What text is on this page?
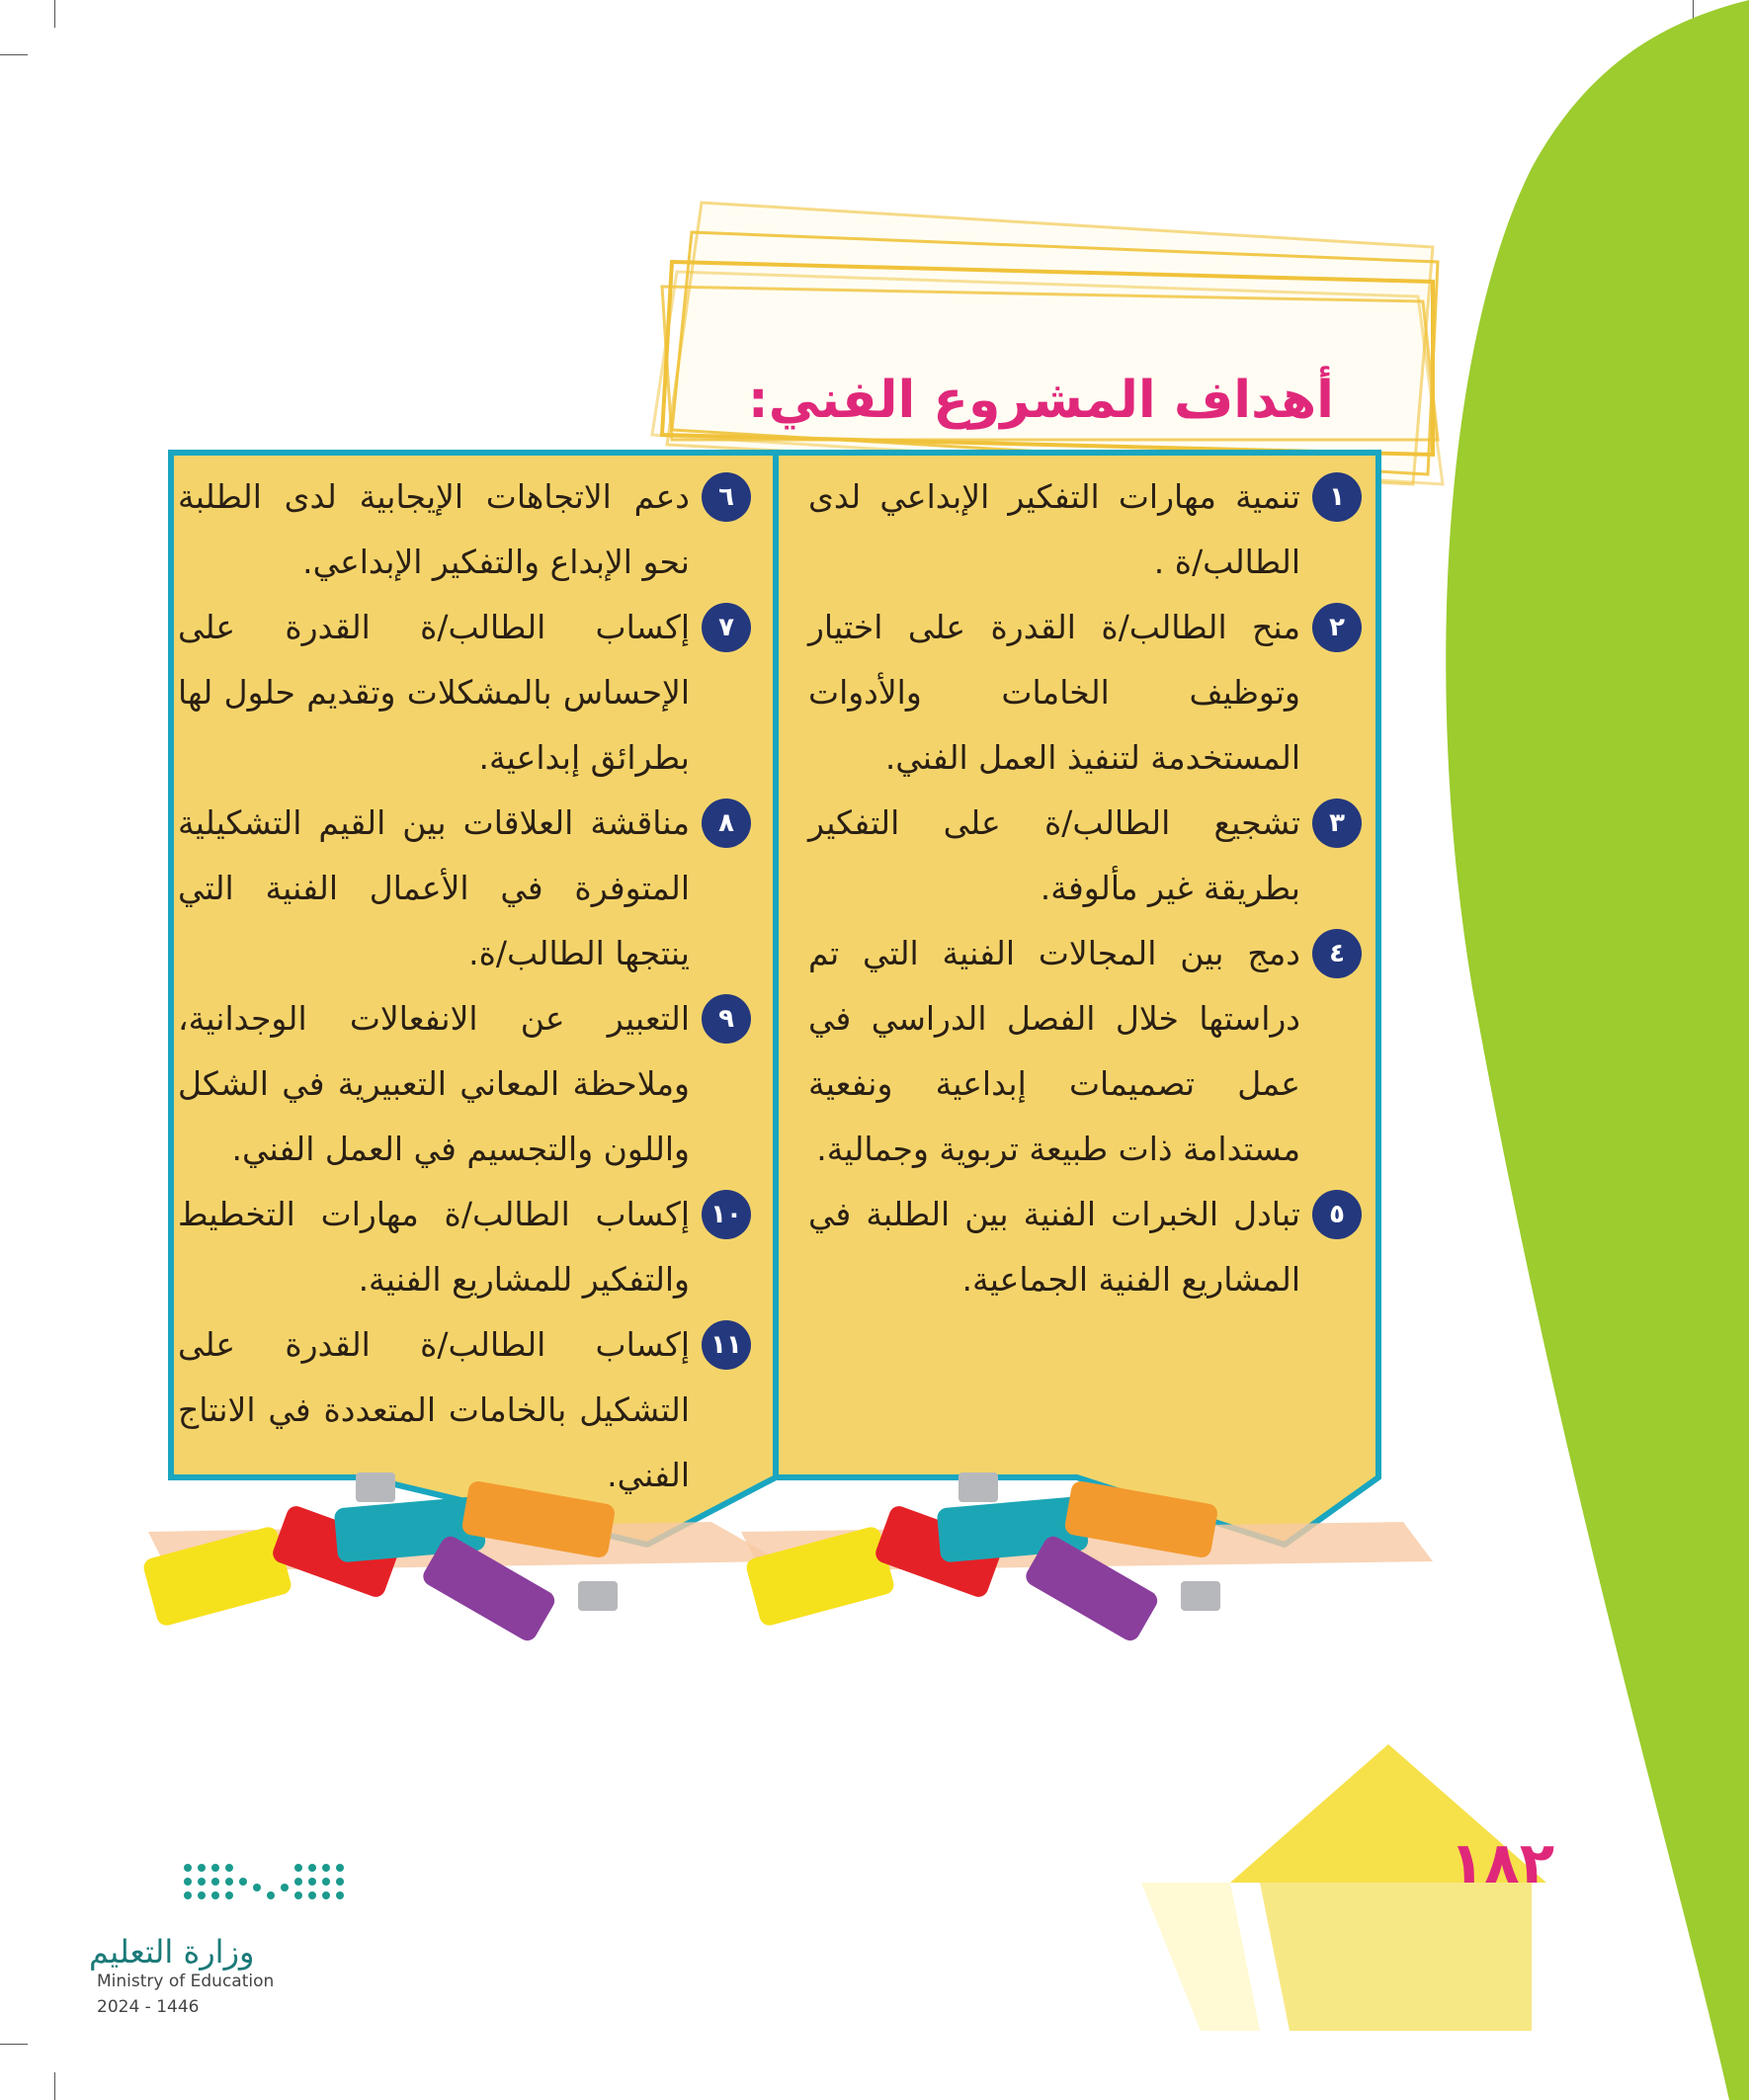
أهداف المشروع الفني:
١
تنمية مهارات التفكير الإبداعي لدى الطالب/ة .
٢
منح الطالب/ة القدرة على اختيار وتوظيف الخامات والأدوات المستخدمة لتنفيذ العمل الفني.
٣
تشجيع الطالب/ة على التفكير بطريقة غير مألوفة.
٤
دمج بين المجالات الفنية التي تم دراستها خلال الفصل الدراسي في عمل تصميمات إبداعية ونفعية مستدامة ذات طبيعة تربوية وجمالية.
٥
تبادل الخبرات الفنية بين الطلبة في المشاريع الفنية الجماعية.
٦
دعم الاتجاهات الإيجابية لدى الطلبة نحو الإبداع والتفكير الإبداعي.
٧
إكساب الطالب/ة القدرة على الإحساس بالمشكلات وتقديم حلول لها بطرائق إبداعية.
٨
مناقشة العلاقات بين القيم التشكيلية المتوفرة في الأعمال الفنية التي ينتجها الطالب/ة.
٩
التعبير عن الانفعالات الوجدانية، وملاحظة المعاني التعبيرية في الشكل واللون والتجسيم في العمل الفني.
١٠
إكساب الطالب/ة مهارات التخطيط والتفكير للمشاريع الفنية.
١١
إكساب الطالب/ة القدرة على التشكيل بالخامات المتعددة في الانتاج الفني.
١٨٢
وزارة التعليم
Ministry of Education
2024 - 1446
